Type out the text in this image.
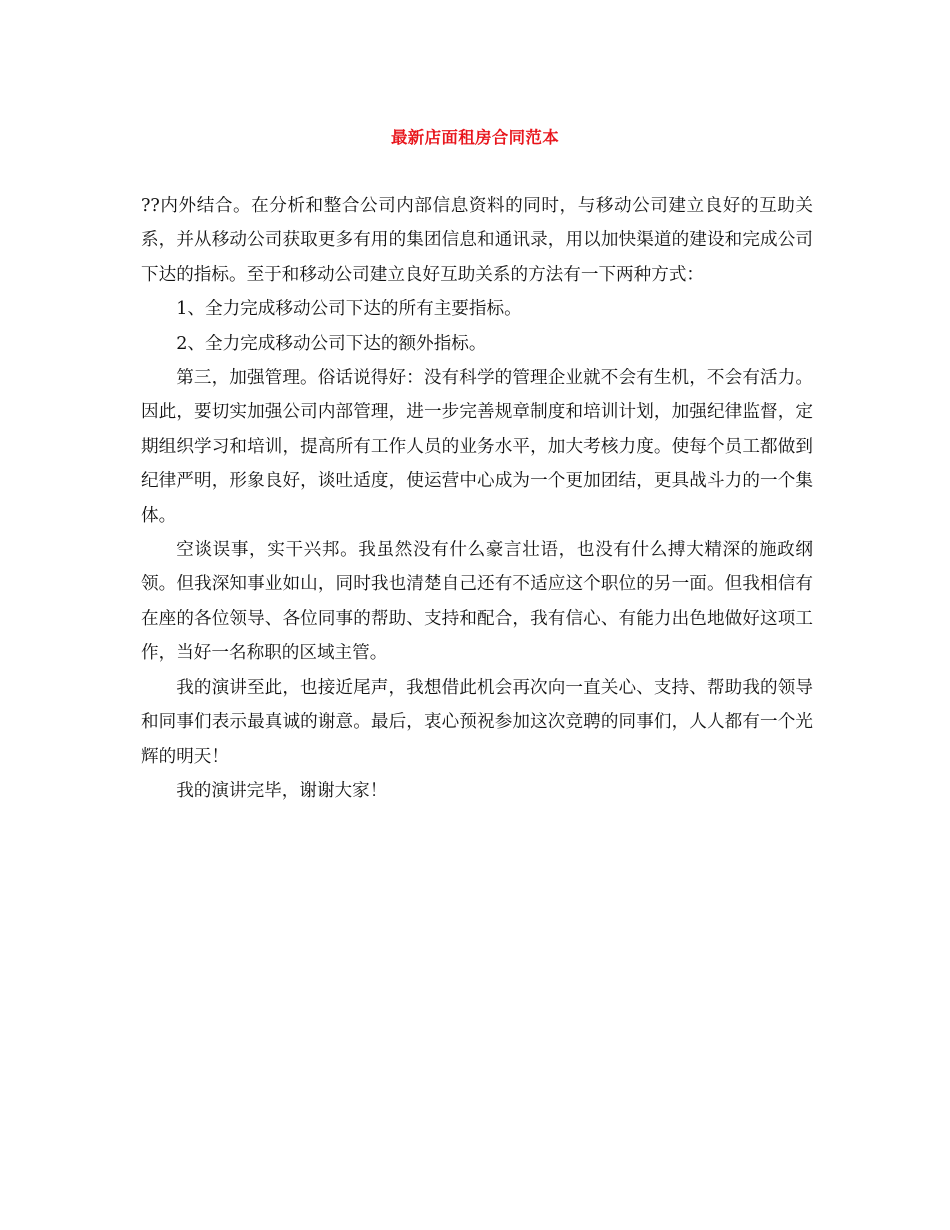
最新店面租房合同范本

??内外结合。在分析和整合公司内部信息资料的同时，与移动公司建立良好的互助关系，并从移动公司获取更多有用的集团信息和通讯录，用以加快渠道的建设和完成公司下达的指标。至于和移动公司建立良好互助关系的方法有一下两种方式：

1、全力完成移动公司下达的所有主要指标。

2、全力完成移动公司下达的额外指标。

第三，加强管理。俗话说得好：没有科学的管理企业就不会有生机，不会有活力。因此，要切实加强公司内部管理，进一步完善规章制度和培训计划，加强纪律监督，定期组织学习和培训，提高所有工作人员的业务水平，加大考核力度。使每个员工都做到纪律严明，形象良好，谈吐适度，使运营中心成为一个更加团结，更具战斗力的一个集体。

空谈误事，实干兴邦。我虽然没有什么豪言壮语，也没有什么搏大精深的施政纲领。但我深知事业如山，同时我也清楚自己还有不适应这个职位的另一面。但我相信有在座的各位领导、各位同事的帮助、支持和配合，我有信心、有能力出色地做好这项工作，当好一名称职的区域主管。

我的演讲至此，也接近尾声，我想借此机会再次向一直关心、支持、帮助我的领导和同事们表示最真诚的谢意。最后，衷心预祝参加这次竞聘的同事们，人人都有一个光辉的明天！

我的演讲完毕，谢谢大家！
